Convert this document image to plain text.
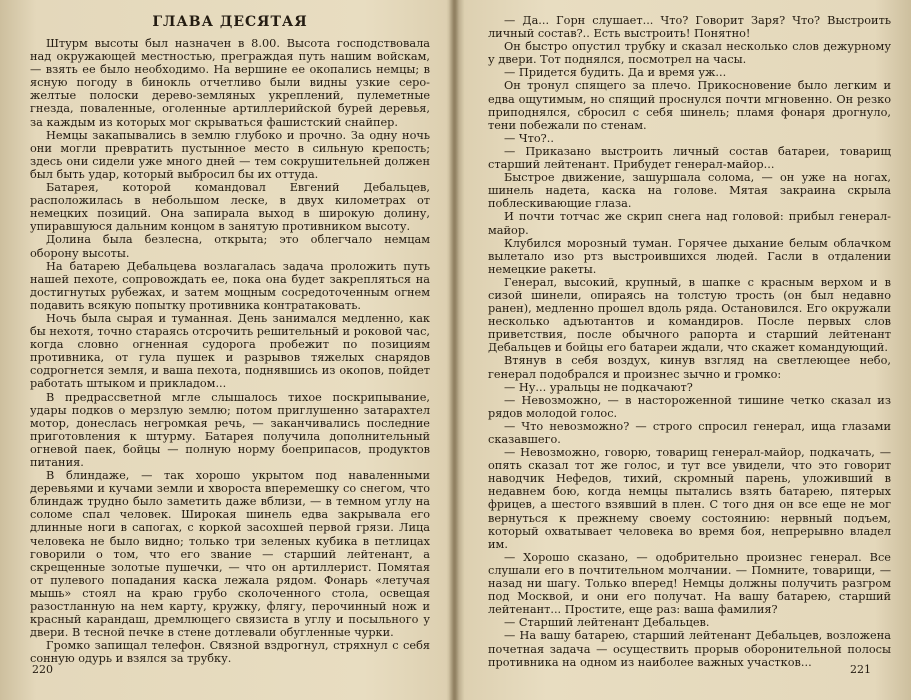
ГЛАВА ДЕСЯТАЯ

Штурм высоты был назначен в 8.00. Высота господствовала над окружающей местностью, преграждая путь нашим войскам, — взять ее было необходимо. На вершине ее окопались немцы; в ясную погоду в бинокль отчетливо были видны узкие серо-желтые полоски дерево-земляных укреплений, пулеметные гнезда, поваленные, оголенные артиллерийской бурей деревья, за каждым из которых мог скрываться фашистский снайпер.

Немцы закапывались в землю глубоко и прочно. За одну ночь они могли превратить пустынное место в сильную крепость; здесь они сидели уже много дней — тем сокрушительней должен был быть удар, который выбросил бы их оттуда.

Батарея, которой командовал Евгений Дебальцев, расположилась в небольшом леске, в двух километрах от немецких позиций. Она запирала выход в широкую долину, упиравшуюся дальним концом в занятую противником высоту.

Долина была безлесна, открыта; это облегчало немцам оборону высоты.

На батарею Дебальцева возлагалась задача проложить путь нашей пехоте, сопровождать ее, пока она будет закрепляться на достигнутых рубежах, и затем мощным сосредоточенным огнем подавить всякую попытку противника контратаковать.

Ночь была сырая и туманная. День занимался медленно, как бы нехотя, точно стараясь отсрочить решительный и роковой час, когда словно огненная судорога пробежит по позициям противника, от гула пушек и разрывов тяжелых снарядов содрогнется земля, и ваша пехота, поднявшись из окопов, пойдет работать штыком и прикладом...

В предрассветной мгле слышалось тихое поскрипывание, удары подков о мерзлую землю; потом приглушенно затарахтел мотор, донеслась негромкая речь, — заканчивались последние приготовления к штурму. Батарея получила дополнительный огневой паек, бойцы — полную норму боеприпасов, продуктов питания.

В блиндаже, — так хорошо укрытом под наваленными деревьями и кучами земли и хвороста вперемешку со снегом, что блиндаж трудно было заметить даже вблизи, — в темном углу на соломе спал человек. Широкая шинель едва закрывала его длинные ноги в сапогах, с коркой засохшей первой грязи. Лица человека не было видно; только три зеленых кубика в петлицах говорили о том, что его звание — старший лейтенант, а скрещенные золотые пушечки, — что он артиллерист. Помятая от пулевого попадания каска лежала рядом. Фонарь «летучая мышь» стоял на краю грубо сколоченного стола, освещая разостланную на нем карту, кружку, флягу, перочинный нож и красный карандаш, дремлющего связиста в углу и посыльного у двери. В тесной печке в стене дотлевали обугленные чурки.

Громко запищал телефон. Связной вздрогнул, стряхнул с себя сонную одурь и взялся за трубку.

220

— Да... Горн слушает... Что? Говорит Заря? Что? Выстроить личный состав?.. Есть выстроить! Понятно!

Он быстро опустил трубку и сказал несколько слов дежурному у двери. Тот поднялся, посмотрел на часы.

— Придется будить. Да и время уж...

Он тронул спящего за плечо. Прикосновение было легким и едва ощутимым, но спящий проснулся почти мгновенно. Он резко приподнялся, сбросил с себя шинель; пламя фонаря дрогнуло, тени побежали по стенам.

— Что?..

— Приказано выстроить личный состав батареи, товарищ старший лейтенант. Прибудет генерал-майор...

Быстрое движение, зашуршала солома, — он уже на ногах, шинель надета, каска на голове. Мятая закраина скрыла поблескивающие глаза.

И почти тотчас же скрип снега над головой: прибыл генерал-майор.

Клубился морозный туман. Горячее дыхание белым облачком вылетало изо ртз выстроившихся людей. Гасли в отдалении немецкие ракеты.

Генерал, высокий, крупный, в шапке с красным верхом и в сизой шинели, опираясь на толстую трость (он был недавно ранен), медленно прошел вдоль ряда. Остановился. Его окружали несколько адъютантов и командиров. После первых слов приветствия, после обычного рапорта и старший лейтенант Дебальцев и бойцы его батареи ждали, что скажет командующий.

Втянув в себя воздух, кинув взгляд на светлеющее небо, генерал подобрался и произнес зычно и громко:

— Ну... уральцы не подкачают?

— Невозможно, — в настороженной тишине четко сказал из рядов молодой голос.

— Что невозможно? — строго спросил генерал, ища глазами сказавшего.

— Невозможно, говорю, товарищ генерал-майор, подкачать, — опять сказал тот же голос, и тут все увидели, что это говорит наводчик Нефедов, тихий, скромный парень, уложивший в недавнем бою, когда немцы пытались взять батарею, пятерых фрицев, а шестого взявший в плен. С того дня он все еще не мог вернуться к прежнему своему состоянию: нервный подъем, который охватывает человека во время боя, непрерывно владел им.

— Хорошо сказано, — одобрительно произнес генерал. Все слушали его в почтительном молчании. — Помните, товарищи, — назад ни шагу. Только вперед! Немцы должны получить разгром под Москвой, и они его получат. На вашу батарею, старший лейтенант... Простите, еще раз: ваша фамилия?

— Старший лейтенант Дебальцев.

— На вашу батарею, старший лейтенант Дебальцев, возложена почетная задача — осуществить прорыв оборонительной полосы противника на одном из наиболее важных участков...

221
